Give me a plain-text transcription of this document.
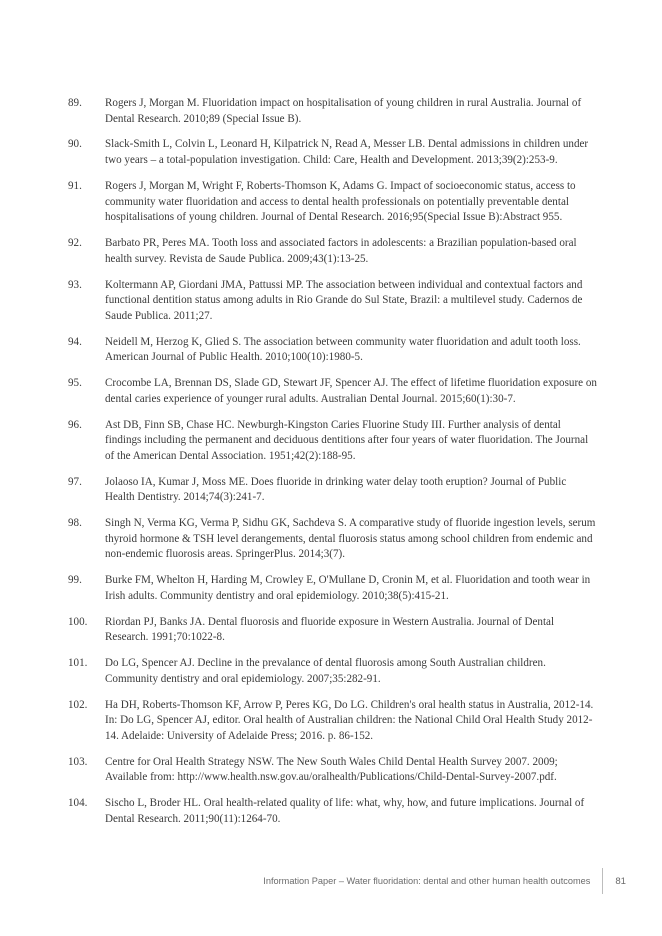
89.	Rogers J, Morgan M. Fluoridation impact on hospitalisation of young children in rural Australia. Journal of Dental Research. 2010;89 (Special Issue B).
90.	Slack-Smith L, Colvin L, Leonard H, Kilpatrick N, Read A, Messer LB. Dental admissions in children under two years – a total-population investigation. Child: Care, Health and Development. 2013;39(2):253-9.
91.	Rogers J, Morgan M, Wright F, Roberts-Thomson K, Adams G. Impact of socioeconomic status, access to community water fluoridation and access to dental health professionals on potentially preventable dental hospitalisations of young children. Journal of Dental Research. 2016;95(Special Issue B):Abstract 955.
92.	Barbato PR, Peres MA. Tooth loss and associated factors in adolescents: a Brazilian population-based oral health survey. Revista de Saude Publica. 2009;43(1):13-25.
93.	Koltermann AP, Giordani JMA, Pattussi MP. The association between individual and contextual factors and functional dentition status among adults in Rio Grande do Sul State, Brazil: a multilevel study. Cadernos de Saude Publica. 2011;27.
94.	Neidell M, Herzog K, Glied S. The association between community water fluoridation and adult tooth loss. American Journal of Public Health. 2010;100(10):1980-5.
95.	Crocombe LA, Brennan DS, Slade GD, Stewart JF, Spencer AJ. The effect of lifetime fluoridation exposure on dental caries experience of younger rural adults. Australian Dental Journal. 2015;60(1):30-7.
96.	Ast DB, Finn SB, Chase HC. Newburgh-Kingston Caries Fluorine Study III. Further analysis of dental findings including the permanent and deciduous dentitions after four years of water fluoridation. The Journal of the American Dental Association. 1951;42(2):188-95.
97.	Jolaoso IA, Kumar J, Moss ME. Does fluoride in drinking water delay tooth eruption? Journal of Public Health Dentistry. 2014;74(3):241-7.
98.	Singh N, Verma KG, Verma P, Sidhu GK, Sachdeva S. A comparative study of fluoride ingestion levels, serum thyroid hormone & TSH level derangements, dental fluorosis status among school children from endemic and non-endemic fluorosis areas. SpringerPlus. 2014;3(7).
99.	Burke FM, Whelton H, Harding M, Crowley E, O'Mullane D, Cronin M, et al. Fluoridation and tooth wear in Irish adults. Community dentistry and oral epidemiology. 2010;38(5):415-21.
100.	Riordan PJ, Banks JA. Dental fluorosis and fluoride exposure in Western Australia. Journal of Dental Research. 1991;70:1022-8.
101.	Do LG, Spencer AJ. Decline in the prevalance of dental fluorosis among South Australian children. Community dentistry and oral epidemiology. 2007;35:282-91.
102.	Ha DH, Roberts-Thomson KF, Arrow P, Peres KG, Do LG. Children's oral health status in Australia, 2012-14. In: Do LG, Spencer AJ, editor. Oral health of Australian children: the National Child Oral Health Study 2012-14. Adelaide: University of Adelaide Press; 2016. p. 86-152.
103.	Centre for Oral Health Strategy NSW. The New South Wales Child Dental Health Survey 2007. 2009; Available from: http://www.health.nsw.gov.au/oralhealth/Publications/Child-Dental-Survey-2007.pdf.
104.	Sischo L, Broder HL. Oral health-related quality of life: what, why, how, and future implications. Journal of Dental Research. 2011;90(11):1264-70.
Information Paper – Water fluoridation: dental and other human health outcomes	81
